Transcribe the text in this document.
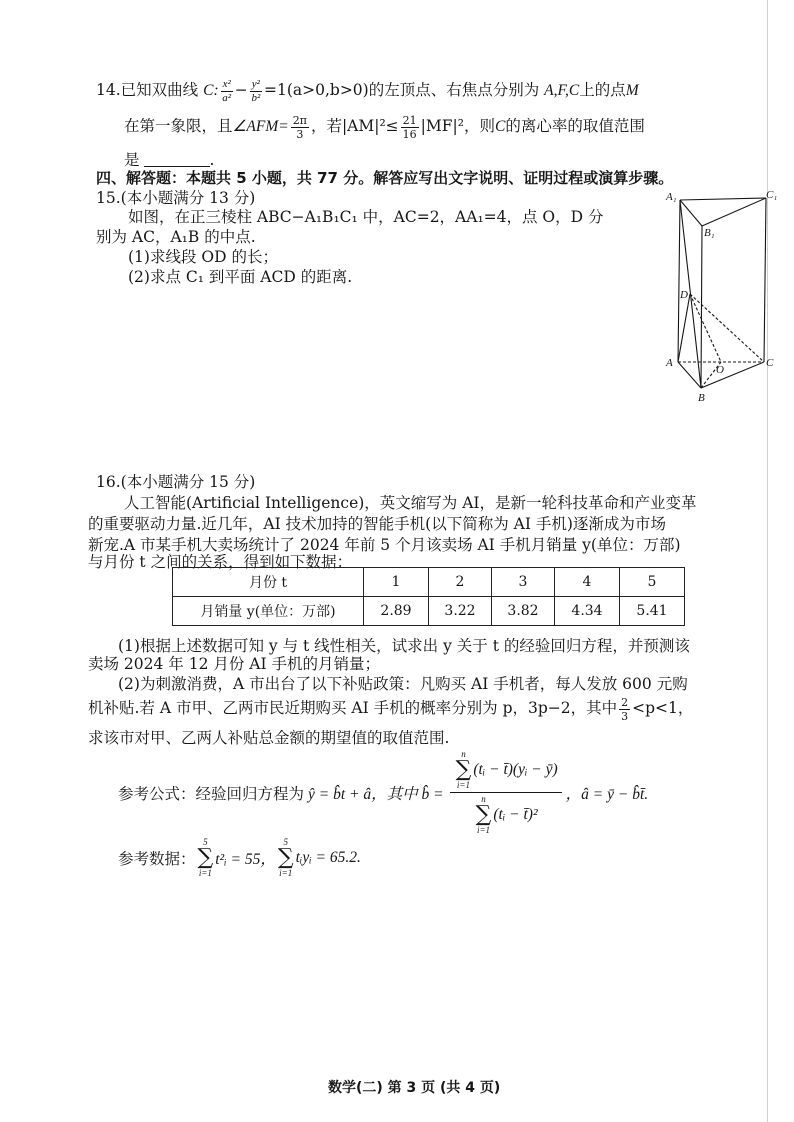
14.已知双曲线 C: $\frac{\text{x²}}{\text{a²}} - \frac{\text{y²}}{\text{b²}} =1(a>0,b>0)$的左顶点、右焦点分别为 A,F,C上的点M
在第一象限，且∠AFM= $\frac{2\pi}{3}$ ，若$|AM|^2\le \frac{21}{16} |MF|^2$，则C的离心率的取值范围
是	.
四、解答题：本题共 5 小题，共 77 分。解答应写出文字说明、证明过程或演算步骤。
15.(本小题满分 13 分)
如图，在正三棱柱 ABC−A₁B₁C₁ 中，AC=2，AA₁=4，点 O，D 分
别为 AC，A₁B 的中点.
(1)求线段 OD 的长；
(2)求点 C₁ 到平面 ACD 的距离.
A₁	C₁
B₁
D
A
O
C
B
16.(本小题满分 15 分)
人工智能(Artificial Intelligence)，英文缩写为 AI，是新一轮科技革命和产业变革
的重要驱动力量.近几年，AI 技术加持的智能手机(以下简称为 AI 手机)逐渐成为市场
新宠.A 市某手机大卖场统计了 2024 年前 5 个月该卖场 AI 手机月销量 y(单位：万部)
与月份 t 之间的关系，得到如下数据：
月份 t	1	2	3	4	5
月销量 y(单位：万部)	2.89	3.22	3.82	4.34	5.41
(1)根据上述数据可知 y 与 t 线性相关，试求出 y 关于 t 的经验回归方程，并预测该
卖场 2024 年 12 月份 AI 手机的月销量；
(2)为刺激消费，A 市出台了以下补贴政策：凡购买 AI 手机者，每人发放 600 元购
机补贴.若 A 市甲、乙两市民近期购买 AI 手机的概率分别为 p，3p−2，其中 $\frac{2}{3} <p<1$，
求该市对甲、乙两人补贴总金额的期望值的取值范围.
参考公式：经验回归方程为 ŷ = b̂t + â，其中 b̂ = n
∑
i=1
(tᵢ − t̄)(yᵢ − ȳ)
n
∑
i=1
(tᵢ − t̄)² ，â = ȳ − b̂t̄.
参考数据：
5
∑
i=1
t²ᵢ = 55，
5
∑
i=1
tᵢyᵢ = 65.2.
数学(二) 第 3 页 (共 4 页)
